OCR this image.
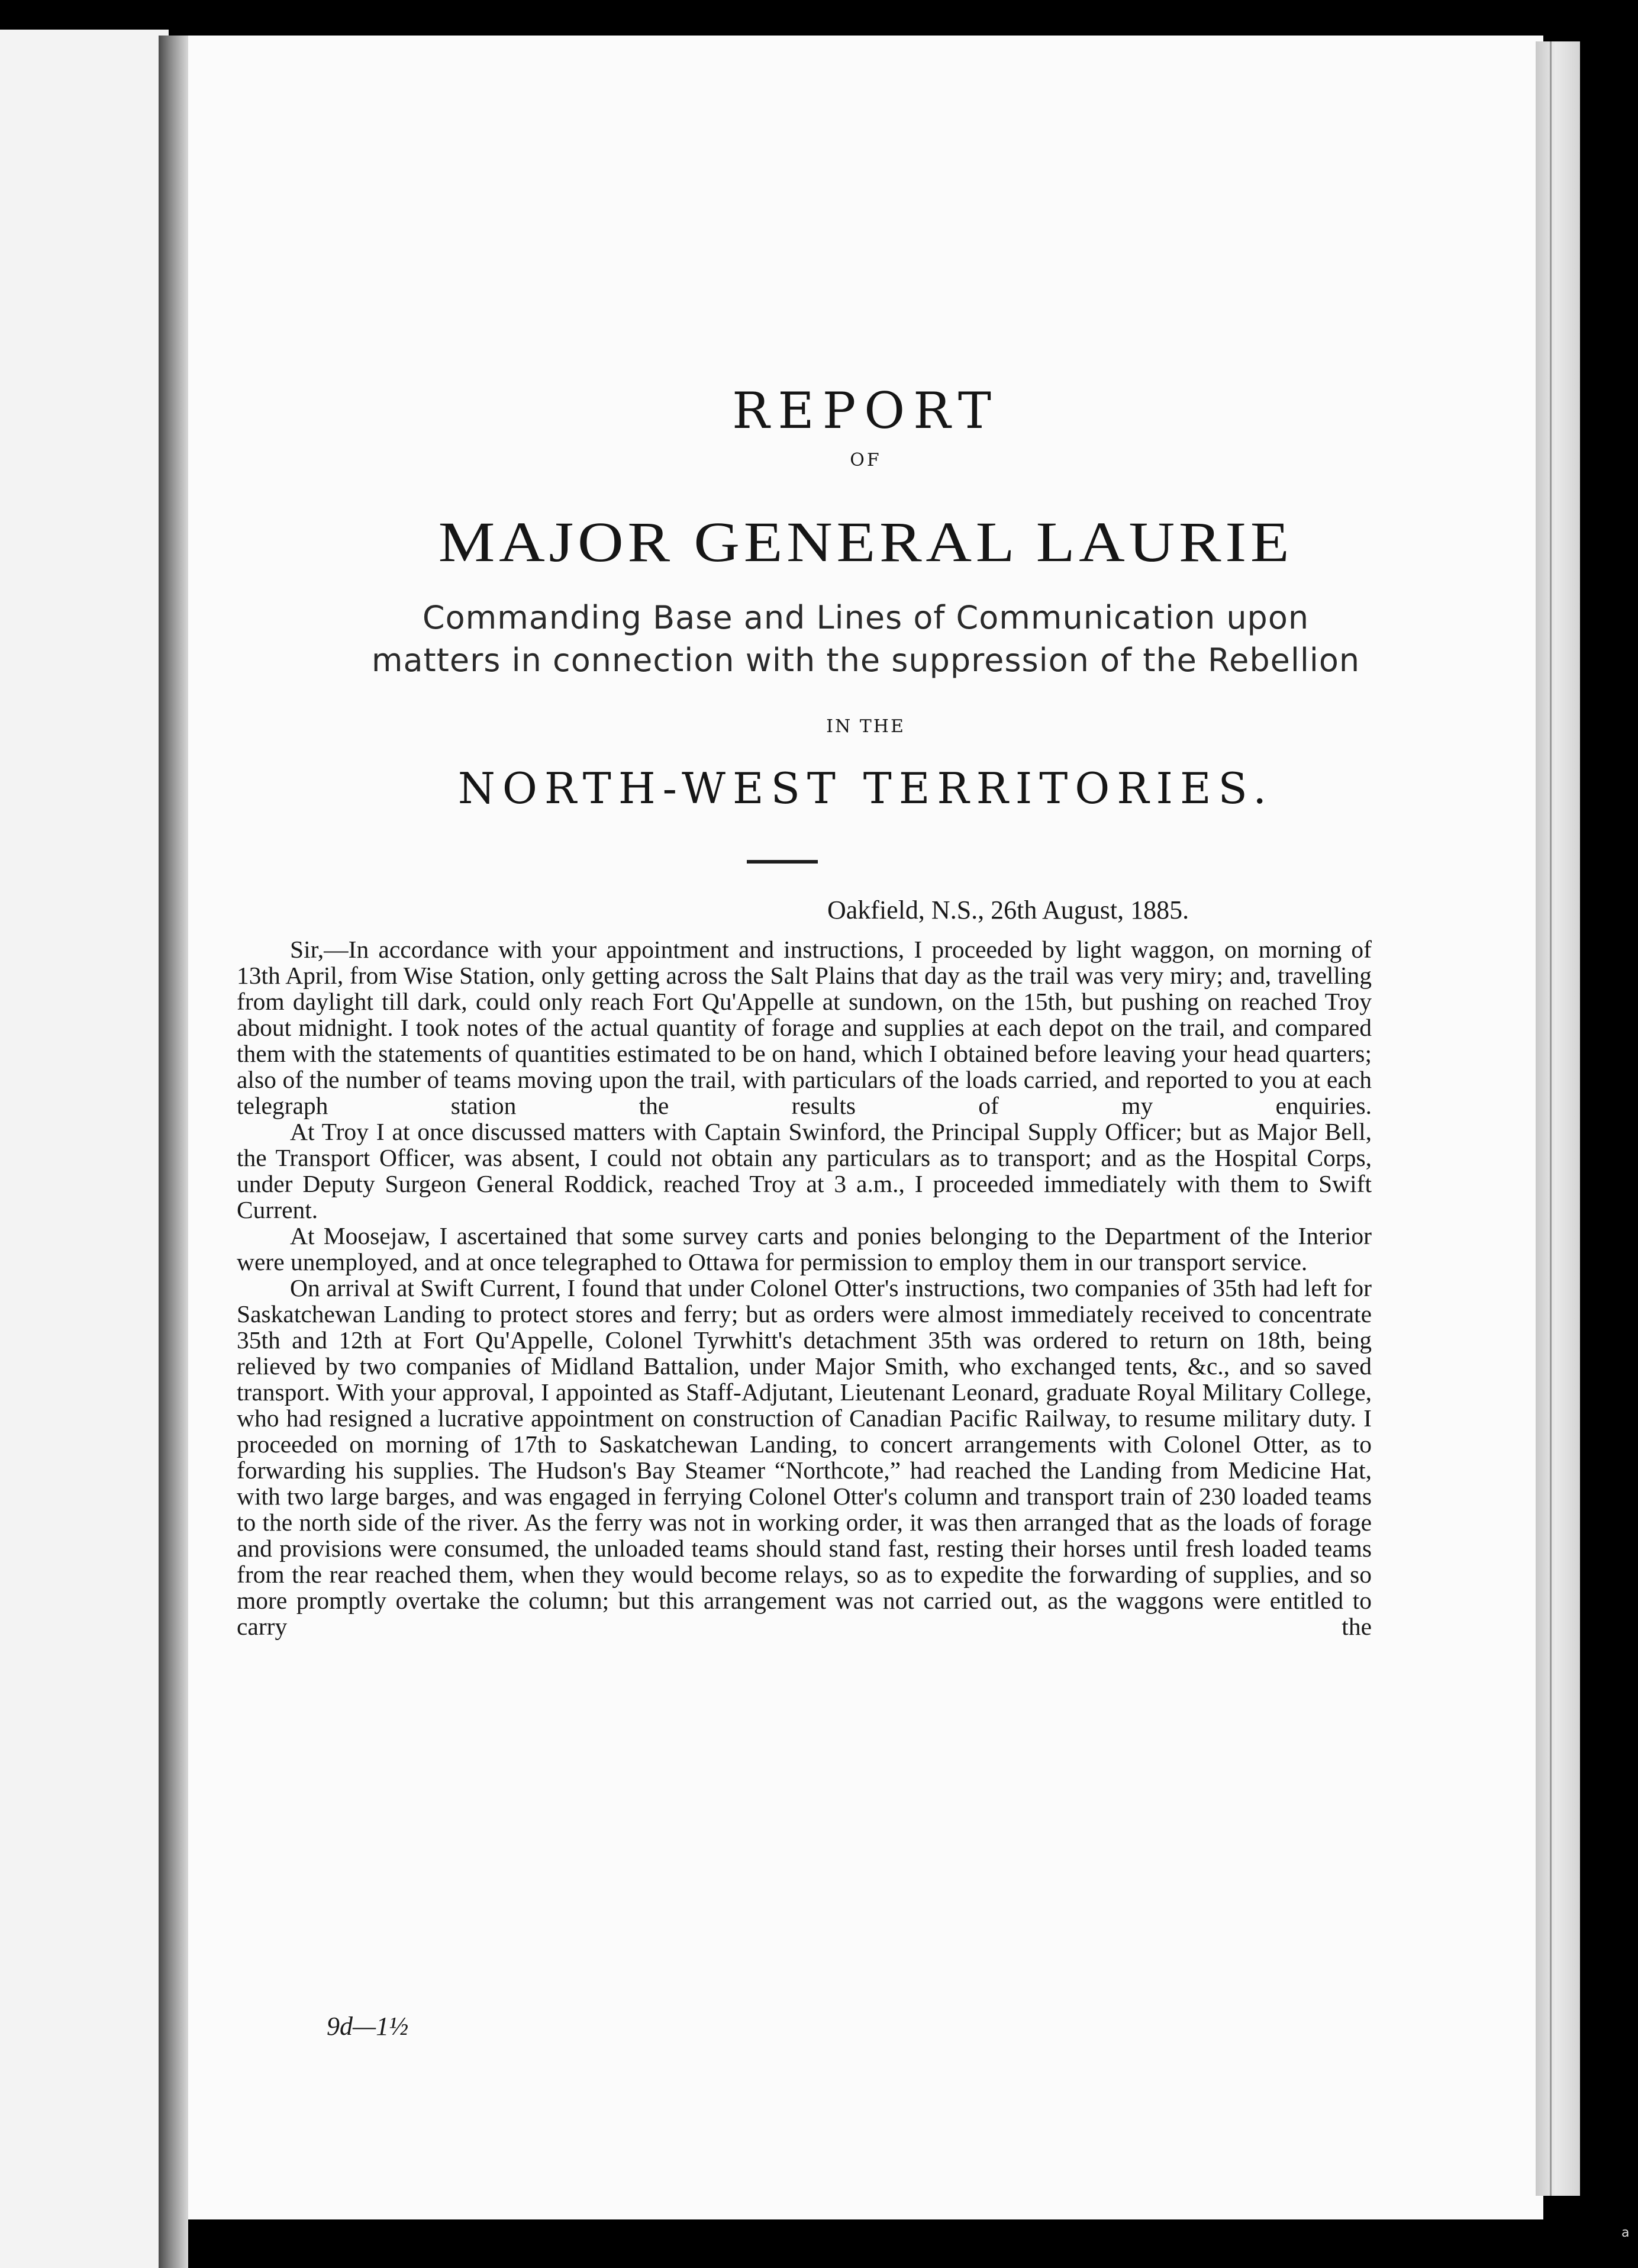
REPORT
OF
MAJOR GENERAL LAURIE
Commanding Base and Lines of Communication upon
matters in connection with the suppression of the Rebellion
IN THE
NORTH-WEST TERRITORIES.
Oakfield, N.S., 26th August, 1885.

Sir,—In accordance with your appointment and instructions, I proceeded by light waggon, on morning of 13th April, from Wise Station, only getting across the Salt Plains that day as the trail was very miry; and, travelling from daylight till dark, could only reach Fort Qu'Appelle at sundown, on the 15th, but pushing on reached Troy about midnight. I took notes of the actual quantity of forage and supplies at each depot on the trail, and compared them with the statements of quantities estimated to be on hand, which I obtained before leaving your head quarters; also of the number of teams moving upon the trail, with particulars of the loads carried, and reported to you at each telegraph station the results of my enquiries.

At Troy I at once discussed matters with Captain Swinford, the Principal Supply Officer; but as Major Bell, the Transport Officer, was absent, I could not obtain any particulars as to transport; and as the Hospital Corps, under Deputy Surgeon General Roddick, reached Troy at 3 a.m., I proceeded immediately with them to Swift Current.

At Moosejaw, I ascertained that some survey carts and ponies belonging to the Department of the Interior were unemployed, and at once telegraphed to Ottawa for permission to employ them in our transport service.

On arrival at Swift Current, I found that under Colonel Otter's instructions, two companies of 35th had left for Saskatchewan Landing to protect stores and ferry; but as orders were almost immediately received to concentrate 35th and 12th at Fort Qu'Appelle, Colonel Tyrwhitt's detachment 35th was ordered to return on 18th, being relieved by two companies of Midland Battalion, under Major Smith, who exchanged tents, &c., and so saved transport. With your approval, I appointed as Staff-Adjutant, Lieutenant Leonard, graduate Royal Military College, who had resigned a lucrative appointment on construction of Canadian Pacific Railway, to resume military duty. I proceeded on morning of 17th to Saskatchewan Landing, to concert arrangements with Colonel Otter, as to forwarding his supplies. The Hudson's Bay Steamer “Northcote,” had reached the Landing from Medicine Hat, with two large barges, and was engaged in ferrying Colonel Otter's column and transport train of 230 loaded teams to the north side of the river. As the ferry was not in working order, it was then arranged that as the loads of forage and provisions were consumed, the unloaded teams should stand fast, resting their horses until fresh loaded teams from the rear reached them, when they would become relays, so as to expedite the forwarding of supplies, and so more promptly overtake the column; but this arrangement was not carried out, as the waggons were entitled to carry the

9d—1½
a
